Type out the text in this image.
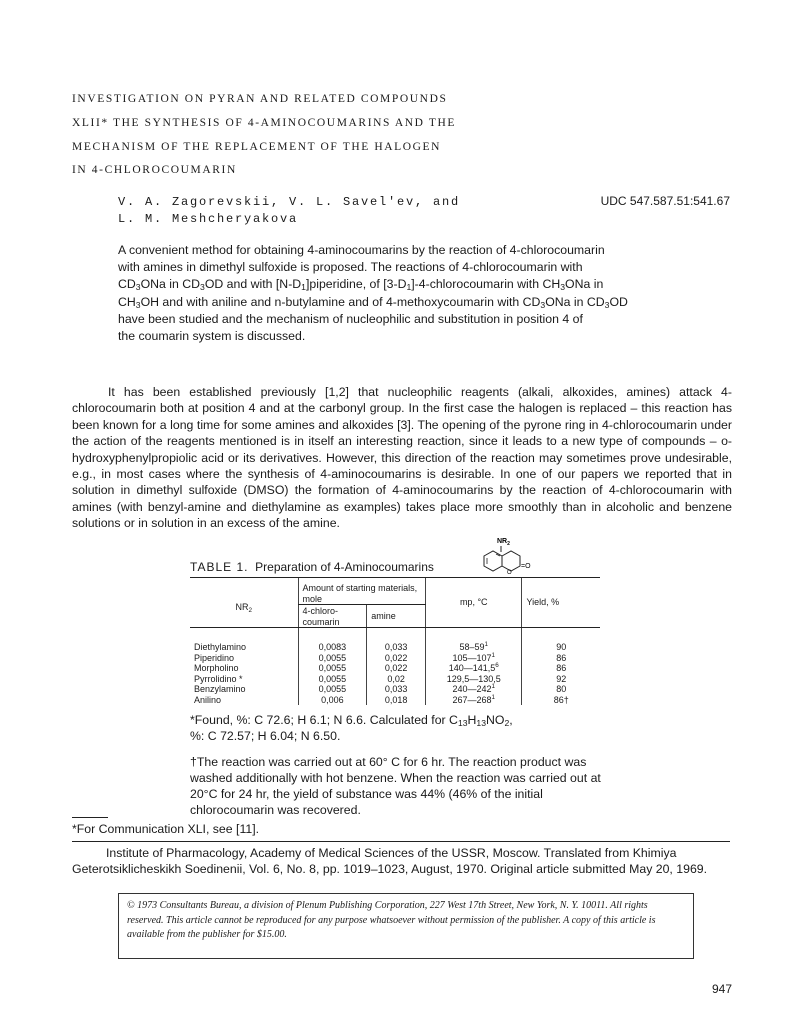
INVESTIGATION ON PYRAN AND RELATED COMPOUNDS
XLII* THE SYNTHESIS OF 4-AMINOCOUMARINS AND THE
MECHANISM OF THE REPLACEMENT OF THE HALOGEN
IN 4-CHLOROCOUMARIN
V. A. Zagorevskii, V. L. Savel'ev, and
L. M. Meshcheryakova
UDC 547.587.51:541.67
A convenient method for obtaining 4-aminocoumarins by the reaction of 4-chlorocoumarin
with amines in dimethyl sulfoxide is proposed. The reactions of 4-chlorocoumarin with
$CD_3ONa$ in $CD_3OD$ and with $[N-D_1]piperidine$, of $[3-D_1]-4$-chlorocoumarin with $CH_3ONa$ in
$CH_3OH$ and with aniline and n-butylamine and of 4-methoxycoumarin with $CD_3ONa$ in $CD_3OD$
have been studied and the mechanism of nucleophilic and substitution in position 4 of
the coumarin system is discussed.

It has been established previously [1,2] that nucleophilic reagents (alkali, alkoxides, amines) attack 4-chlorocoumarin both at position 4 and at the carbonyl group. In the first case the halogen is replaced – this reaction has been known for a long time for some amines and alkoxides [3]. The opening of the pyrone ring in 4-chlorocoumarin under the action of the reagents mentioned is in itself an interesting reaction, since it leads to a new type of compounds – o-hydroxyphenylpropiolic acid or its derivatives. However, this direction of the reaction may sometimes prove undesirable, e.g., in most cases where the synthesis of 4-aminocoumarins is desirable. In one of our papers we reported that in solution in dimethyl sulfoxide (DMSO) the formation of 4-aminocoumarins by the reaction of 4-chlorocoumarin with amines (with benzyl-amine and diethylamine as examples) takes place more smoothly than in alcoholic and benzene solutions or in solution in an excess of the amine.

TABLE 1. Preparation of 4-Aminocoumarins
$NR_2$
O
=O
$NR_2$	Amount of starting materials, mole		mp, °C	Yield, %
	4-chloro-coumarin	amine		
Diethylamino	0,0083	0,033	$58-59^1$	90
Piperidino	0,0055	0,022	$105—107^1$	86
Morpholino	0,0055	0,022	140—141,5$^6$	86
Pyrrolidino *	0,0055	0,02	129,5—130,5	92
Benzylamino	0,0055	0,033	$240—242^1$	80
Anilino	0,006	0,018	$267—268^1$	86†
*Found, %: C 72.6; H 6.1; N 6.6. Calculated for $C_{13}H_{13}NO_2$,
%: C 72.57; H 6.04; N 6.50.
†The reaction was carried out at 60° C for 6 hr. The reaction product was washed additionally with hot benzene. When the reaction was carried out at 20°C for 24 hr, the yield of substance was 44% (46% of the initial chlorocoumarin was recovered.
*For Communication XLI, see [11].

Institute of Pharmacology, Academy of Medical Sciences of the USSR, Moscow. Translated from Khimiya Geterotsiklicheskikh Soedinenii, Vol. 6, No. 8, pp. 1019–1023, August, 1970. Original article submitted May 20, 1969.

© 1973 Consultants Bureau, a division of Plenum Publishing Corporation, 227 West 17th Street, New York, N. Y. 10011. All rights reserved. This article cannot be reproduced for any purpose whatsoever without permission of the publisher. A copy of this article is available from the publisher for $15.00.
947
